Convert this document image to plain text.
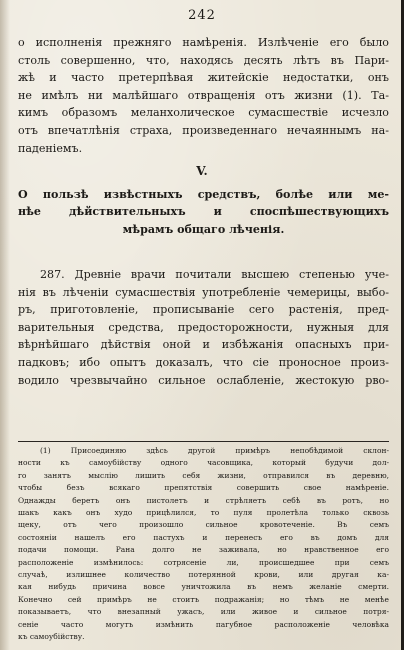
242
о исполненія прежняго намѣренія. Излѣченіе его было
столь совершенно, что, находясь десять лѣтъ въ Пари-
жѣ и часто претерпѣвая житейскіе недостатки, онъ
не имѣлъ ни малѣйшаго отвращенія отъ жизни (1). Та-
кимъ образомъ меланхолическое сумасшествіе исчезло
отъ впечатлѣнія страха, произведеннаго нечаяннымъ на-
паденіемъ.
V.
О пользѣ извѣстныхъ средствъ, болѣе или ме-
нѣе дѣйствительныхъ и споспѣшествующихъ
мѣрамъ общаго лѣченія.
287. Древніе врачи почитали высшею степенью уче-
нія въ лѣченіи сумасшествія употребленіе чемерицы, выбо-
ръ, приготовленіе, прописываніе сего растенія, пред-
варительныя средства, предосторожности, нужныя для
вѣрнѣйшаго дѣйствія оной и избѣжанія опасныхъ при-
падковъ; ибо опытъ доказалъ, что сіе проносное произ-
водило чрезвычайно сильное ослабленіе, жестокую рво-
(1) Присоединяю здѣсь другой примѣръ непобѣдимой склон-
ности къ самоубійству одного часовщика, который будучи дол-
го занятъ мыслію лишить себя жизни, отправился въ деревню,
чтобы безъ всякаго препятствія совершить свое намѣреніе.
Однажды беретъ онъ пистолетъ и стрѣляетъ себѣ въ ротъ, но
шакъ какъ онъ худо прицѣлился, то пуля пролетѣла только сквозь
щеку, отъ чего произошло сильное кровотеченіе. Въ семъ
состояніи нашелъ его пастухъ и перенесъ его въ домъ для
подачи помощи. Рана долго не заживала, но нравственное его
расположеніе измѣнилось: сотрясеніе ли, происшедшее при семъ
случаѣ, излишнее количество потерянной крови, или другая ка-
кая нибудь причина вовсе уничтожила въ немъ желаніе смерти.
Конечно сей примѣръ не стоитъ подражанія; но тѣмъ не менѣе
показываетъ, что внезапный ужасъ, или живое и сильное потря-
сеніе часто могутъ измѣнить пагубное расположеніе человѣка
къ самоубійству.
